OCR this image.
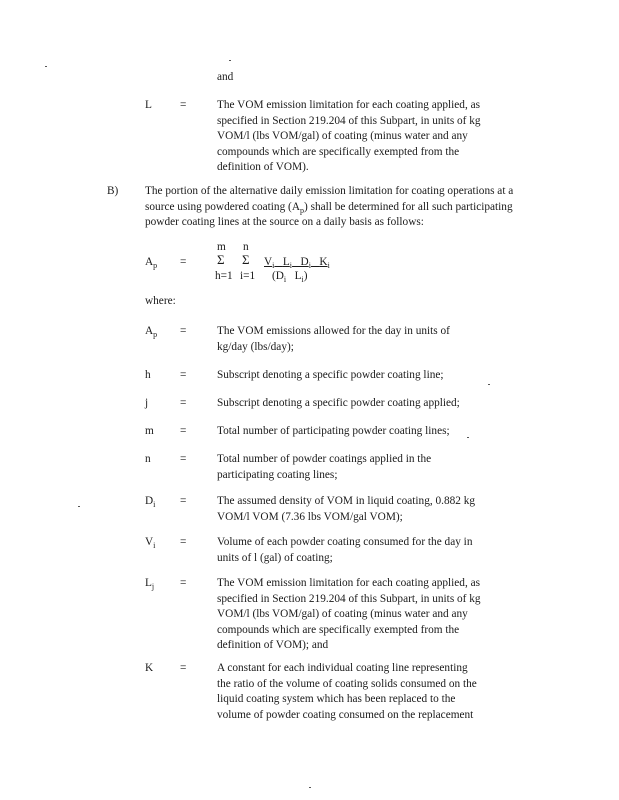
and
L =	The VOM emission limitation for each coating applied, as
specified in Section 219.204 of this Subpart, in units of kg
VOM/l (lbs VOM/gal) of coating (minus water and any
compounds which are specifically exempted from the
definition of VOM).
B) The portion of the alternative daily emission limitation for coating operations at a
source using powdered coating $(A_p)$ shall be determined for all such participating
powder coating lines at the source on a daily basis as follows:
m n
$A_p = \Sigma$ Σ $V_i$ $L_i$ $D_i$ $K_i$
h=1 i=1 ($D_i$ $L_i$)
where:
$A_p$ =	The VOM emissions allowed for the day in units of
kg/day (lbs/day);
h	=	Subscript denoting a specific powder coating line;
j	=	Subscript denoting a specific powder coating applied;
m =	Total number of participating powder coating lines;
n	=	Total number of powder coatings applied in the
participating coating lines;
$D_i$ =	The assumed density of VOM in liquid coating, 0.882 kg
VOM/l VOM (7.36 lbs VOM/gal VOM);
$V_i$ =	Volume of each powder coating consumed for the day in
units of l (gal) of coating;
$L_j$ =	The VOM emission limitation for each coating applied, as
specified in Section 219.204 of this Subpart, in units of kg
VOM/l (lbs VOM/gal) of coating (minus water and any
compounds which are specifically exempted from the
definition of VOM); and
K =	A constant for each individual coating line representing
the ratio of the volume of coating solids consumed on the
liquid coating system which has been replaced to the
volume of powder coating consumed on the replacement
